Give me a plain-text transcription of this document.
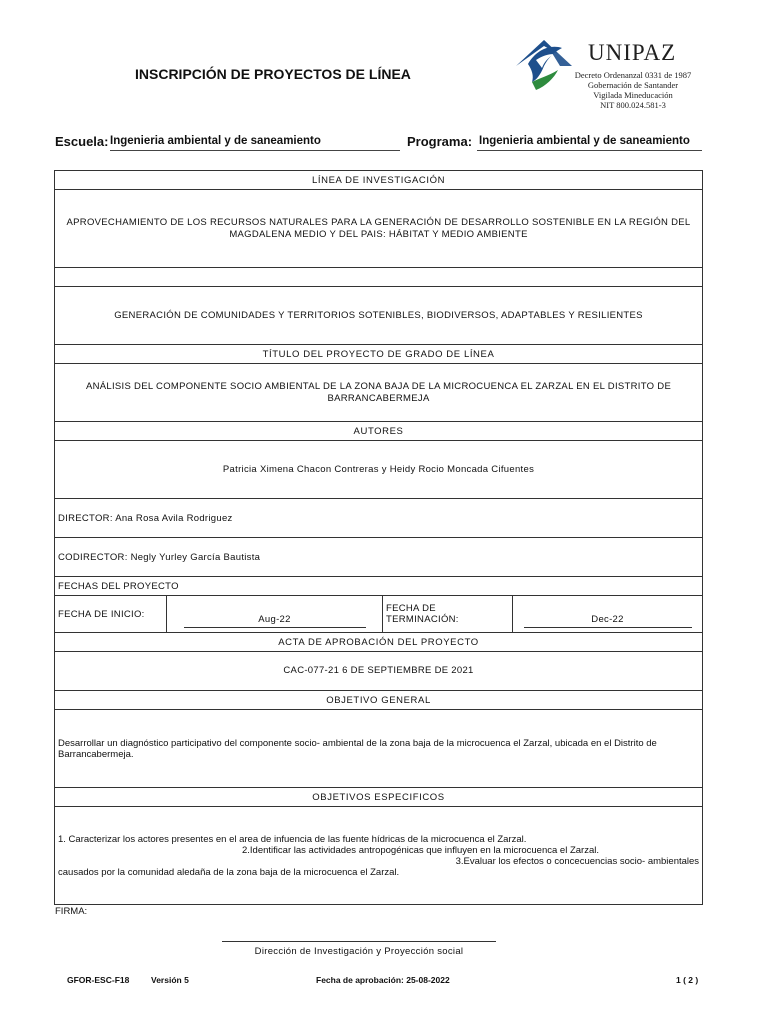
INSCRIPCIÓN DE PROYECTOS DE LÍNEA
UNIPAZ
Decreto Ordenanzal 0331 de 1987
Gobernación de Santander
Vigilada Mineducación
NIT 800.024.581-3
Escuela: Ingenieria ambiental y de saneamiento	Programa: Ingenieria ambiental y de saneamiento
LÍNEA DE INVESTIGACIÓN
APROVECHAMIENTO DE LOS RECURSOS NATURALES PARA LA GENERACIÓN DE DESARROLLO SOSTENIBLE EN LA REGIÓN DEL MAGDALENA MEDIO Y DEL PAIS: HÁBITAT Y MEDIO AMBIENTE

GENERACIÓN DE COMUNIDADES Y TERRITORIOS SOTENIBLES, BIODIVERSOS, ADAPTABLES Y RESILIENTES
TÍTULO DEL PROYECTO DE GRADO DE LÍNEA
ANÁLISIS DEL COMPONENTE SOCIO AMBIENTAL DE LA ZONA BAJA DE LA MICROCUENCA EL ZARZAL EN EL DISTRITO DE BARRANCABERMEJA
AUTORES
Patricia Ximena Chacon Contreras y Heidy Rocio Moncada Cifuentes
DIRECTOR: Ana Rosa Avila Rodriguez
CODIRECTOR: Negly Yurley García Bautista
FECHAS DEL PROYECTO
FECHA DE INICIO:	Aug-22	FECHA DE TERMINACIÓN:	Dec-22
ACTA DE APROBACIÓN DEL PROYECTO
CAC-077-21 6 DE SEPTIEMBRE DE 2021
OBJETIVO GENERAL
Desarrollar un diagnóstico participativo del componente socio- ambiental de la zona baja de la microcuenca el Zarzal, ubicada en el Distrito de Barrancabermeja.
OBJETIVOS ESPECIFICOS

1. Caracterizar los actores presentes en el area de infuencia de las fuente hídricas de la microcuenca el Zarzal.
2.Identificar las actividades antropogénicas que influyen en la microcuenca el Zarzal.
3.Evaluar los efectos o concecuencias socio- ambientales
causados por la comunidad aledaña de la zona baja de la microcuenca el Zarzal.
FIRMA:
Dirección de Investigación y Proyección social
GFOR-ESC-F18	Versión 5	Fecha de aprobación: 25-08-2022	1 ( 2 )
